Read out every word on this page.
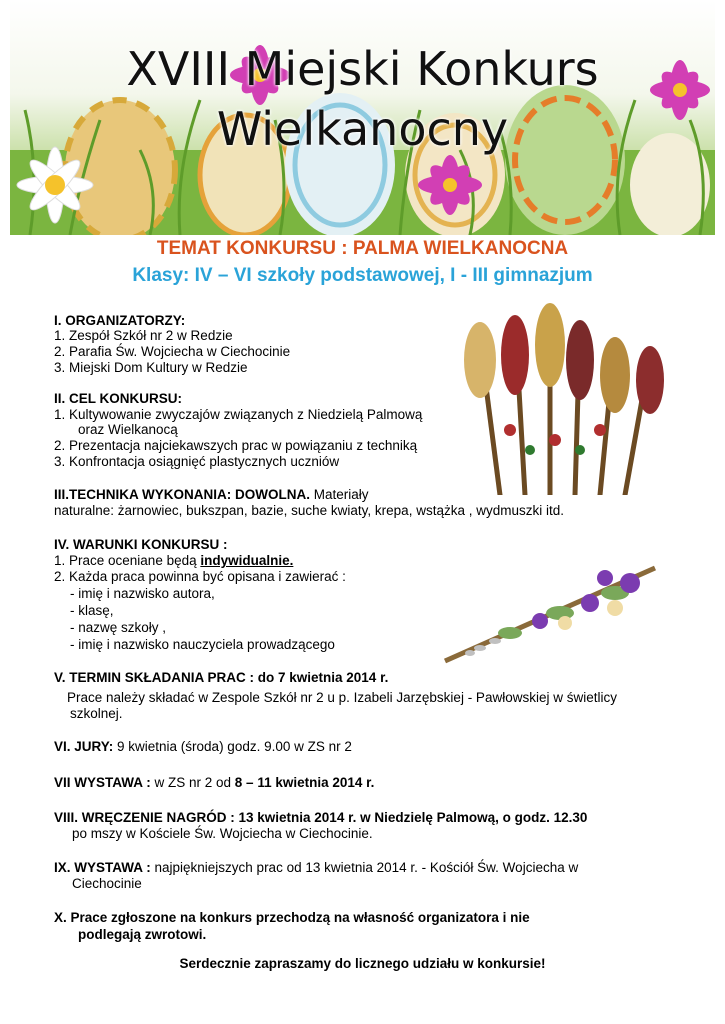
XVIII Miejski Konkurs
Wielkanocny
TEMAT KONKURSU : PALMA WIELKANOCNA
Klasy: IV – VI szkoły podstawowej, I - III gimnazjum
I. ORGANIZATORZY:
1. Zespół Szkół nr 2 w Redzie
2. Parafia Św. Wojciecha w Ciechocinie
3. Miejski Dom Kultury w Redzie
II. CEL KONKURSU:
1. Kultywowanie zwyczajów związanych z Niedzielą Palmową
oraz Wielkanocą
2. Prezentacja najciekawszych prac w powiązaniu z techniką
3. Konfrontacja osiągnięć plastycznych uczniów
III.TECHNIKA WYKONANIA: DOWOLNA. Materiały
naturalne: żarnowiec, bukszpan, bazie, suche kwiaty, krepa, wstążka , wydmuszki itd.
IV. WARUNKI KONKURSU :
1. Prace oceniane będą indywidualnie.
2. Każda praca powinna być opisana i zawierać :
- imię i nazwisko autora,
- klasę,
- nazwę szkoły ,
- imię i nazwisko nauczyciela prowadzącego
V. TERMIN SKŁADANIA PRAC : do 7 kwietnia 2014 r.
Prace należy składać w Zespole Szkół nr 2 u p. Izabeli Jarzębskiej - Pawłowskiej w świetlicy
szkolnej.
VI. JURY: 9 kwietnia (środa) godz. 9.00 w ZS nr 2
VII WYSTAWA : w ZS nr 2 od 8 – 11 kwietnia 2014 r.
VIII. WRĘCZENIE NAGRÓD : 13 kwietnia 2014 r. w Niedzielę Palmową, o godz. 12.30
po mszy w Kościele Św. Wojciecha w Ciechocinie.
IX. WYSTAWA : najpiękniejszych prac od 13 kwietnia 2014 r. - Kościół Św. Wojciecha w
Ciechocinie
X. Prace zgłoszone na konkurs przechodzą na własność organizatora i nie
podlegają zwrotowi.
Serdecznie zapraszamy do licznego udziału w konkursie!
